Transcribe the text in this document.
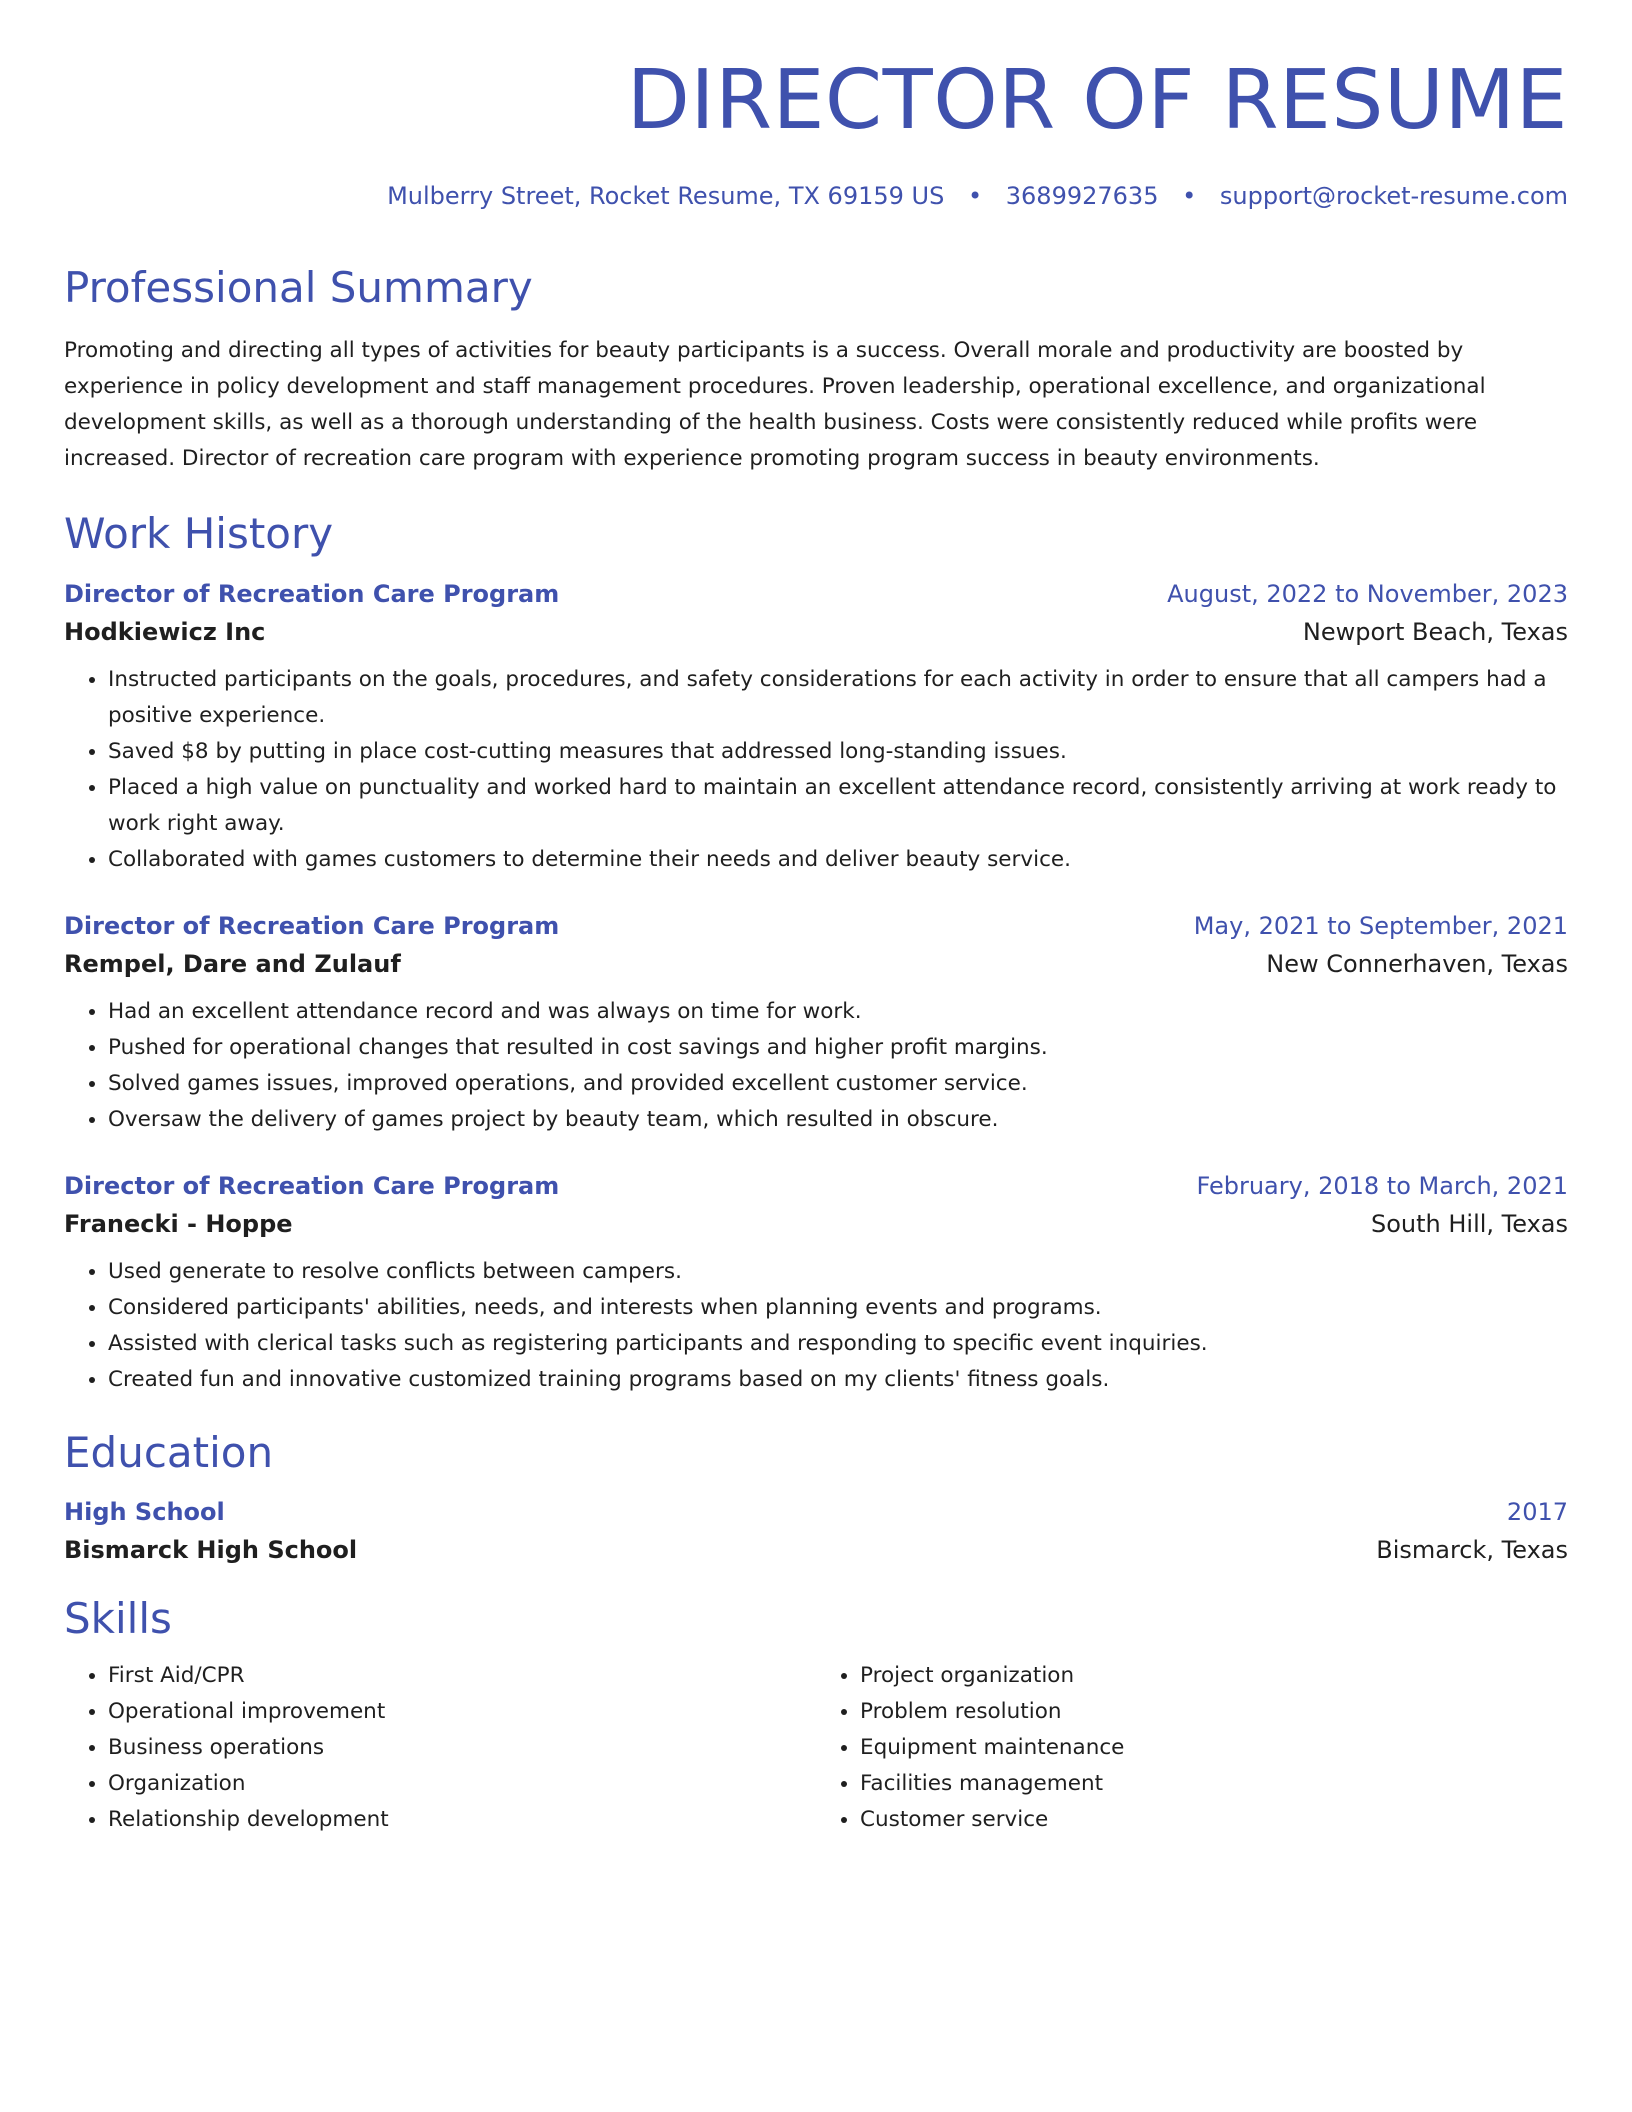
DIRECTOR OF RESUME
Mulberry Street, Rocket Resume, TX 69159 US • 3689927635 • support@rocket-resume.com
Professional Summary

Promoting and directing all types of activities for beauty participants is a success. Overall morale and productivity are boosted by experience in policy development and staff management procedures. Proven leadership, operational excellence, and organizational development skills, as well as a thorough understanding of the health business. Costs were consistently reduced while profits were increased. Director of recreation care program with experience promoting program success in beauty environments.

Work History
Director of Recreation Care Program	August, 2022 to November, 2023
Hodkiewicz Inc	Newport Beach, Texas
• Instructed participants on the goals, procedures, and safety considerations for each activity in order to ensure that all campers had a positive experience.
• Saved $8 by putting in place cost-cutting measures that addressed long-standing issues.
• Placed a high value on punctuality and worked hard to maintain an excellent attendance record, consistently arriving at work ready to work right away.
• Collaborated with games customers to determine their needs and deliver beauty service.
Director of Recreation Care Program	May, 2021 to September, 2021
Rempel, Dare and Zulauf	New Connerhaven, Texas
• Had an excellent attendance record and was always on time for work.
• Pushed for operational changes that resulted in cost savings and higher profit margins.
• Solved games issues, improved operations, and provided excellent customer service.
• Oversaw the delivery of games project by beauty team, which resulted in obscure.
Director of Recreation Care Program	February, 2018 to March, 2021
Franecki - Hoppe	South Hill, Texas
• Used generate to resolve conflicts between campers.
• Considered participants' abilities, needs, and interests when planning events and programs.
• Assisted with clerical tasks such as registering participants and responding to specific event inquiries.
• Created fun and innovative customized training programs based on my clients' fitness goals.
Education
High School	2017
Bismarck High School	Bismarck, Texas
Skills
• First Aid/CPR
• Operational improvement
• Business operations
• Organization
• Relationship development
• Project organization
• Problem resolution
• Equipment maintenance
• Facilities management
• Customer service
